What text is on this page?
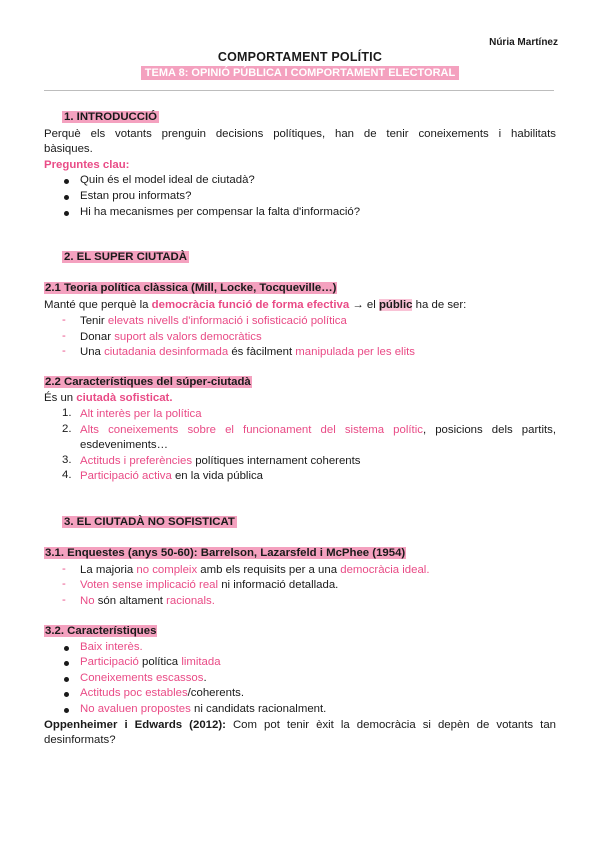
Núria Martínez
COMPORTAMENT POLÍTIC
TEMA 8: OPINIÓ PÚBLICA I COMPORTAMENT ELECTORAL
1. INTRODUCCIÓ
Perquè els votants prenguin decisions polítiques, han de tenir coneixements i habilitats
bàsiques.
Preguntes clau:
Quin és el model ideal de ciutadà?
Estan prou informats?
Hi ha mecanismes per compensar la falta d'informació?
2. EL SUPER CIUTADÀ
2.1 Teoria política clàssica (Mill, Locke, Tocqueville…)
Manté que perquè la democràcia funció de forma efectiva → el públic ha de ser:
- Tenir elevats nivells d'informació i sofisticació política
- Donar suport als valors democràtics
- Una ciutadania desinformada és fàcilment manipulada per les elits
2.2 Característiques del súper-ciutadà
És un ciutadà sofisticat.
1. Alt interès per la política
2. Alts coneixements sobre el funcionament del sistema polític, posicions dels partits,
esdeveniments…
3. Actituds i preferències polítiques internament coherents
4. Participació activa en la vida pública
3. EL CIUTADÀ NO SOFISTICAT
3.1. Enquestes (anys 50-60): Barrelson, Lazarsfeld i McPhee (1954)
- La majoria no compleix amb els requisits per a una democràcia ideal.
- Voten sense implicació real ni informació detallada.
- No són altament racionals.
3.2. Característiques
Baix interès.
Participació política limitada
Coneixements escassos.
Actituds poc estables/coherents.
No avaluen propostes ni candidats racionalment.
Oppenheimer i Edwards (2012): Com pot tenir èxit la democràcia si depèn de votants tan
desinformats?
